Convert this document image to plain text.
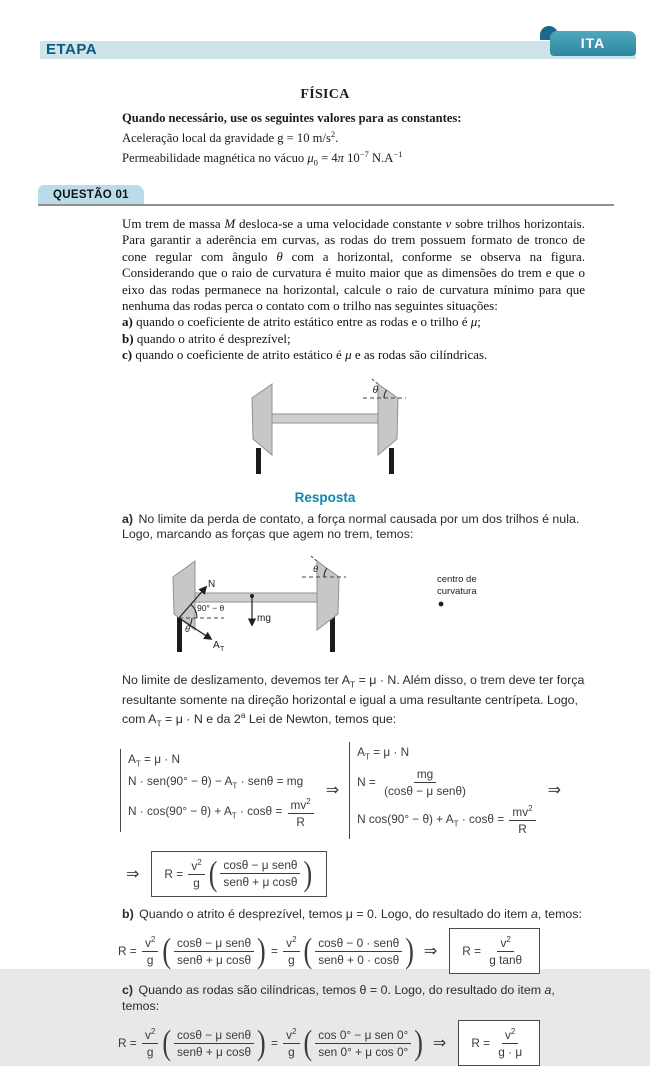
ETAPA	ITA
FÍSICA
Quando necessário, use os seguintes valores para as constantes:
Aceleração local da gravidade g = 10 $m/s^2$.
Permeabilidade magnética no vácuo $\mu_0 = 4\pi$ $10^{-7}$ $N.A^{-1}$
QUESTÃO 01
Um trem de massa M desloca-se a uma velocidade constante v sobre trilhos horizontais. Para garantir a aderência em curvas, as rodas do trem possuem formato de tronco de cone regular com ângulo θ com a horizontal, conforme se observa na figura. Considerando que o raio de curvatura é muito maior que as dimensões do trem e que o eixo das rodas permanece na horizontal, calcule o raio de curvatura mínimo para que nenhuma das rodas perca o contato com o trilho nas seguintes situações:
a) quando o coeficiente de atrito estático entre as rodas e o trilho é μ;
b) quando o atrito é desprezível;
c) quando o coeficiente de atrito estático é μ e as rodas são cilíndricas.
θ
Resposta
a) No limite da perda de contato, a força normal causada por um dos trilhos é nula. Logo, marcando as forças que agem no trem, temos:
θ
N
90° − θ
θ
A T
mg
centro de
curvatura
No limite de deslizamento, devemos ter $A_T = \mu \cdot N$. Além disso, o trem deve ter força resultante somente na direção horizontal e igual a uma resultante centrípeta. Logo, com $A_T = \mu \cdot N$ e da 2$^a$ Lei de Newton, temos que:
$A_T = \mu \cdot N$
$N \cdot sen(90^\circ - \theta) - A_T \cdot sen\theta$ = mg
$N \cdot \cos(90^\circ - \theta) + A_T \cdot \cos\theta = \frac{mv^2}{R}$
⇒
$A_T = \mu \cdot N$
$N = \frac{mg}{\text{(cosθ − μ senθ)}}$
N $\cos(90^\circ - \theta) + A_T \cdot \cos\theta = \frac{mv^2}{R}$
⇒
⇒ $R = \frac{v^2}{g}$ ( $\frac{\text{cosθ − μ senθ}}{\text{senθ + μ cosθ}}$ )
b) Quando o atrito é desprezível, temos μ = 0. Logo, do resultado do item a, temos:
$R = \frac{v^2}{g}$ ( $\frac{\text{cosθ − μ senθ}}{\text{senθ + μ cosθ}}$ ) = $\frac{v^2}{g}$ ( $\frac{\text{cosθ − 0 · senθ}}{\text{senθ + 0 · cosθ}}$ ) ⇒ $R = \frac{v^2}{\text{g tanθ}}$
c) Quando as rodas são cilíndricas, temos θ = 0. Logo, do resultado do item a, temos:
$R = \frac{v^2}{g}$ ( $\frac{\text{cosθ − μ senθ}}{\text{senθ + μ cosθ}}$ ) = $\frac{v^2}{g}$ ( $\frac{\text{cos 0° − μ sen 0°}}{\text{sen 0° + μ cos 0°}}$ ) ⇒ $R = \frac{v^2}{g \cdot \mu}$
